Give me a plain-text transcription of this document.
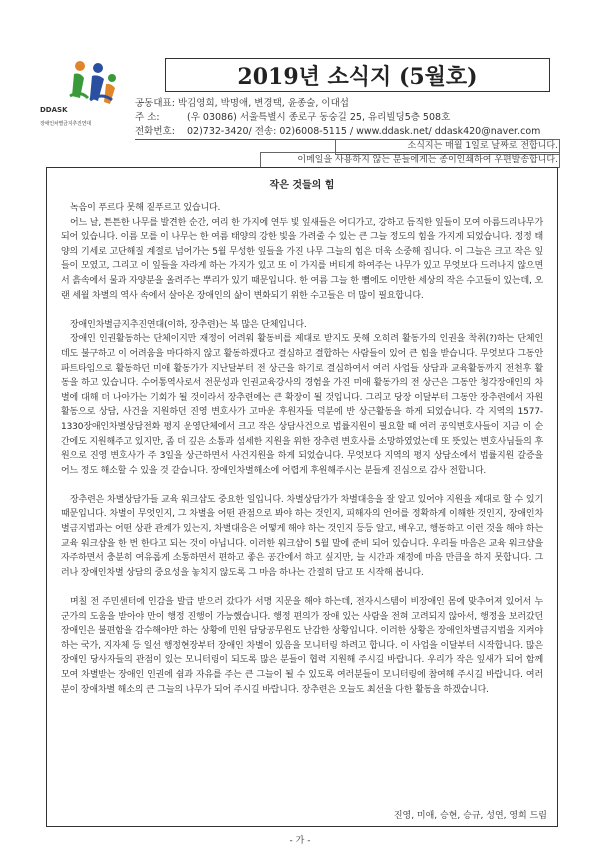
DDASK
장애인차별금지추진연대
2019년 소식지 (5월호)
공동대표: 박김영희, 박명애, 변경택, 윤종술, 이대섭
주 소:	(우 03086) 서울특별시 종로구 동숭길 25, 유리빌딩5층 508호
전화번호:	02)732-3420/ 전송: 02)6008-5115 / www.ddask.net/ ddask420@naver.com
소식지는 매월 1일로 날짜로 전합니다.
이메일을 사용하지 않는 분들에게는 종이인쇄하여 우편발송합니다.
작은 것들의 힘

녹음이 푸르다 못해 짙푸르고 있습니다.

어느 날, 튼튼한 나무를 발견한 순간, 여리 한 가지에 연두 빛 잎새들은 어디가고, 강하고 듬직한 잎들이 모여 아름드리나무가 되어 있습니다. 이름 모를 이 나무는 한 여름 태양의 강한 빛을 가려줄 수 있는 큰 그늘 정도의 힘을 가지게 되었습니다. 정정 태양의 기세로 고단해질 계절로 넘어가는 5월 무성한 잎들을 가진 나무 그늘의 힘은 더욱 소중해 집니다. 이 그늘은 크고 작은 잎들이 모였고, 그리고 이 잎들을 자라게 하는 가지가 있고 또 이 가지를 버티게 하여주는 나무가 있고 무엇보다 드러나지 않으면서 흙속에서 물과 자양분을 올려주는 뿌리가 있기 때문입니다. 한 여름 그늘 한 뼘에도 이만한 세상의 작은 수고들이 있는데, 오랜 세월 차별의 역사 속에서 살아온 장애인의 삶이 변화되기 위한 수고들은 더 많이 필요합니다.

장애인차별금지추진연대(이하, 장추련)는 복 많은 단체입니다.

장애인 인권활동하는 단체이지만 재정이 어려워 활동비를 제대로 받지도 못해 오히려 활동가의 인권을 착취(?)하는 단체인데도 불구하고 이 어려움을 마다하지 않고 활동하겠다고 결심하고 결합하는 사람들이 있어 큰 힘을 받습니다. 무엇보다 그동안 파트타임으로 활동하던 미애 활동가가 지난달부터 전 상근을 하기로 결심하여서 여러 사업들 상담과 교육활동까지 전천후 활동을 하고 있습니다. 수어통역사로서 전문성과 인권교육강사의 경험을 가진 미애 활동가의 전 상근은 그동안 청각장애인의 차별에 대해 더 나아가는 기회가 될 것이라서 장추련에는 큰 확장이 될 것입니다. 그리고 당장 이달부터 그동안 장추련에서 자원 활동으로 상담, 사건을 지원하던 진영 변호사가 고마운 후원자들 덕분에 반 상근활동을 하게 되었습니다. 각 지역의 1577-1330장애인차별상담전화 평지 운영단체에서 크고 작은 상담사건으로 법률지원이 필요할 때 여러 공익변호사들이 지금 이 순간에도 지원해주고 있지만, 좀 더 깊은 소통과 섬세한 지원을 위한 장추련 변호사를 소망하였었는데 또 뜻있는 변호사님들의 후원으로 진영 변호사가 주 3일을 상근하면서 사건지원을 하게 되었습니다. 무엇보다 지역의 평지 상담소에서 법률지원 갈증을 어느 정도 해소할 수 있을 것 같습니다. 장애인차별해소에 어렵게 후원해주시는 분들게 진심으로 감사 전합니다.

장추련은 차별상담가들 교육 워크샵도 중요한 일입니다. 차별상담가가 차별대응을 잘 알고 있어야 지원을 제대로 할 수 있기 때문입니다. 차별이 무엇인지, 그 차별을 어떤 관점으로 봐야 하는 것인지, 피해자의 언어를 정확하게 이해한 것인지, 장애인차별금지법과는 어떤 상관 관계가 있는지, 차별대응은 어떻게 해야 하는 것인지 등등 알고, 배우고, 행동하고 이런 것을 해야 하는 교육 워크샵을 한 번 한다고 되는 것이 아닙니다. 이러한 워크샵이 5월 말에 준비 되어 있습니다. 우리들 마음은 교육 워크샵을 자주하면서 충분히 여유롭게 소통하면서 편하고 좋은 공간에서 하고 싶지만, 늘 시간과 재정에 마음 만큼을 하지 못합니다. 그러나 장애인차별 상담의 중요성을 놓치지 않도록 그 마음 하나는 간절히 담고 또 시작해 봅니다.

며칠 전 주민센터에 인감을 발급 받으러 갔다가 서명 지문을 해야 하는데, 전자시스템이 비장애인 몸에 맞추어져 있어서 누군가의 도움을 받아야 만이 행정 진행이 가능했습니다. 행정 편의가 장애 있는 사람을 전혀 고려되지 않아서, 행정을 보러갔던 장애인은 불편함을 감수해야만 하는 상황에 민원 담당공무원도 난감한 상황입니다. 이러한 상황은 장애인차별금지법을 지켜야 하는 국가, 지자체 등 일선 행정현장부터 장애인 차별이 있음을 모니터링 하려고 합니다. 이 사업을 이달부터 시작합니다. 많은 장애인 당사자들의 관점이 있는 모니터링이 되도록 많은 분들이 협력 지원해 주시길 바랍니다. 우리가 작은 잎새가 되어 함께 모여 차별받는 장애인 인권에 쉼과 자유를 주는 큰 그늘이 될 수 있도록 여러분들이 모니터링에 참여해 주시길 바랍니다. 여러분이 장애차별 해소의 큰 그늘의 나무가 되어 주시길 바랍니다. 장추련은 오늘도 최선을 다한 활동을 하겠습니다.

진영, 미애, 승현, 승규, 성연, 영희 드림
- 가 -
